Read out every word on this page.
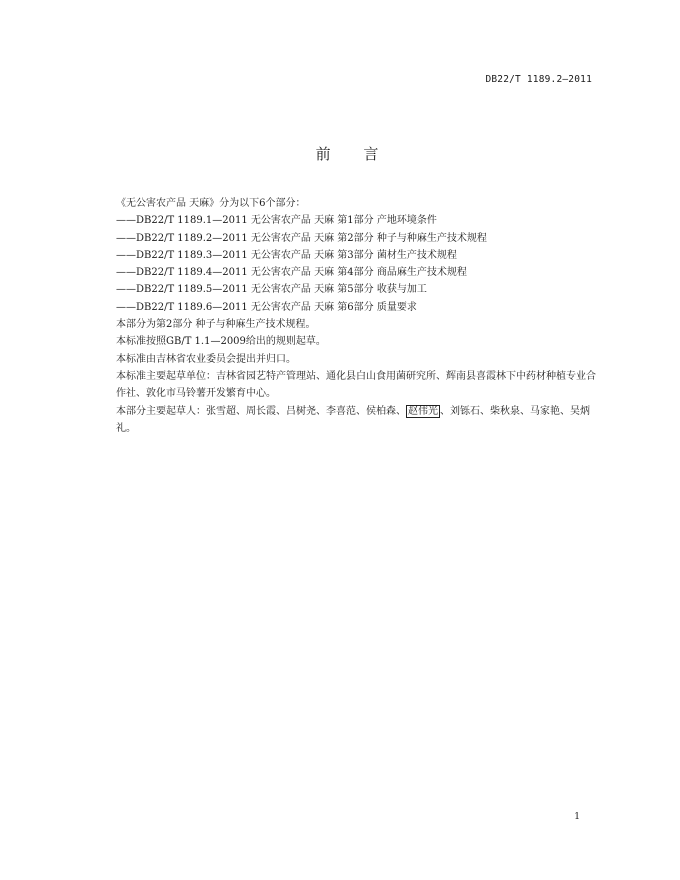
DB22/T 1189.2—2011
前 言

《无公害农产品 天麻》分为以下6个部分：

——DB22/T 1189.1—2011 无公害农产品 天麻 第1部分 产地环境条件

——DB22/T 1189.2—2011 无公害农产品 天麻 第2部分 种子与种麻生产技术规程

——DB22/T 1189.3—2011 无公害农产品 天麻 第3部分 菌材生产技术规程

——DB22/T 1189.4—2011 无公害农产品 天麻 第4部分 商品麻生产技术规程

——DB22/T 1189.5—2011 无公害农产品 天麻 第5部分 收获与加工

——DB22/T 1189.6—2011 无公害农产品 天麻 第6部分 质量要求

本部分为第2部分 种子与种麻生产技术规程。

本标准按照GB/T 1.1—2009给出的规则起草。

本标准由吉林省农业委员会提出并归口。

本标准主要起草单位：吉林省园艺特产管理站、通化县白山食用菌研究所、辉南县喜霞林下中药材种植专业合作社、敦化市马铃薯开发繁育中心。

本部分主要起草人：张雪超、周长霞、吕树尧、李喜范、侯柏森、 赵伟光 、刘铄石、柴秋泉、马家艳、吴炳礼。

1
